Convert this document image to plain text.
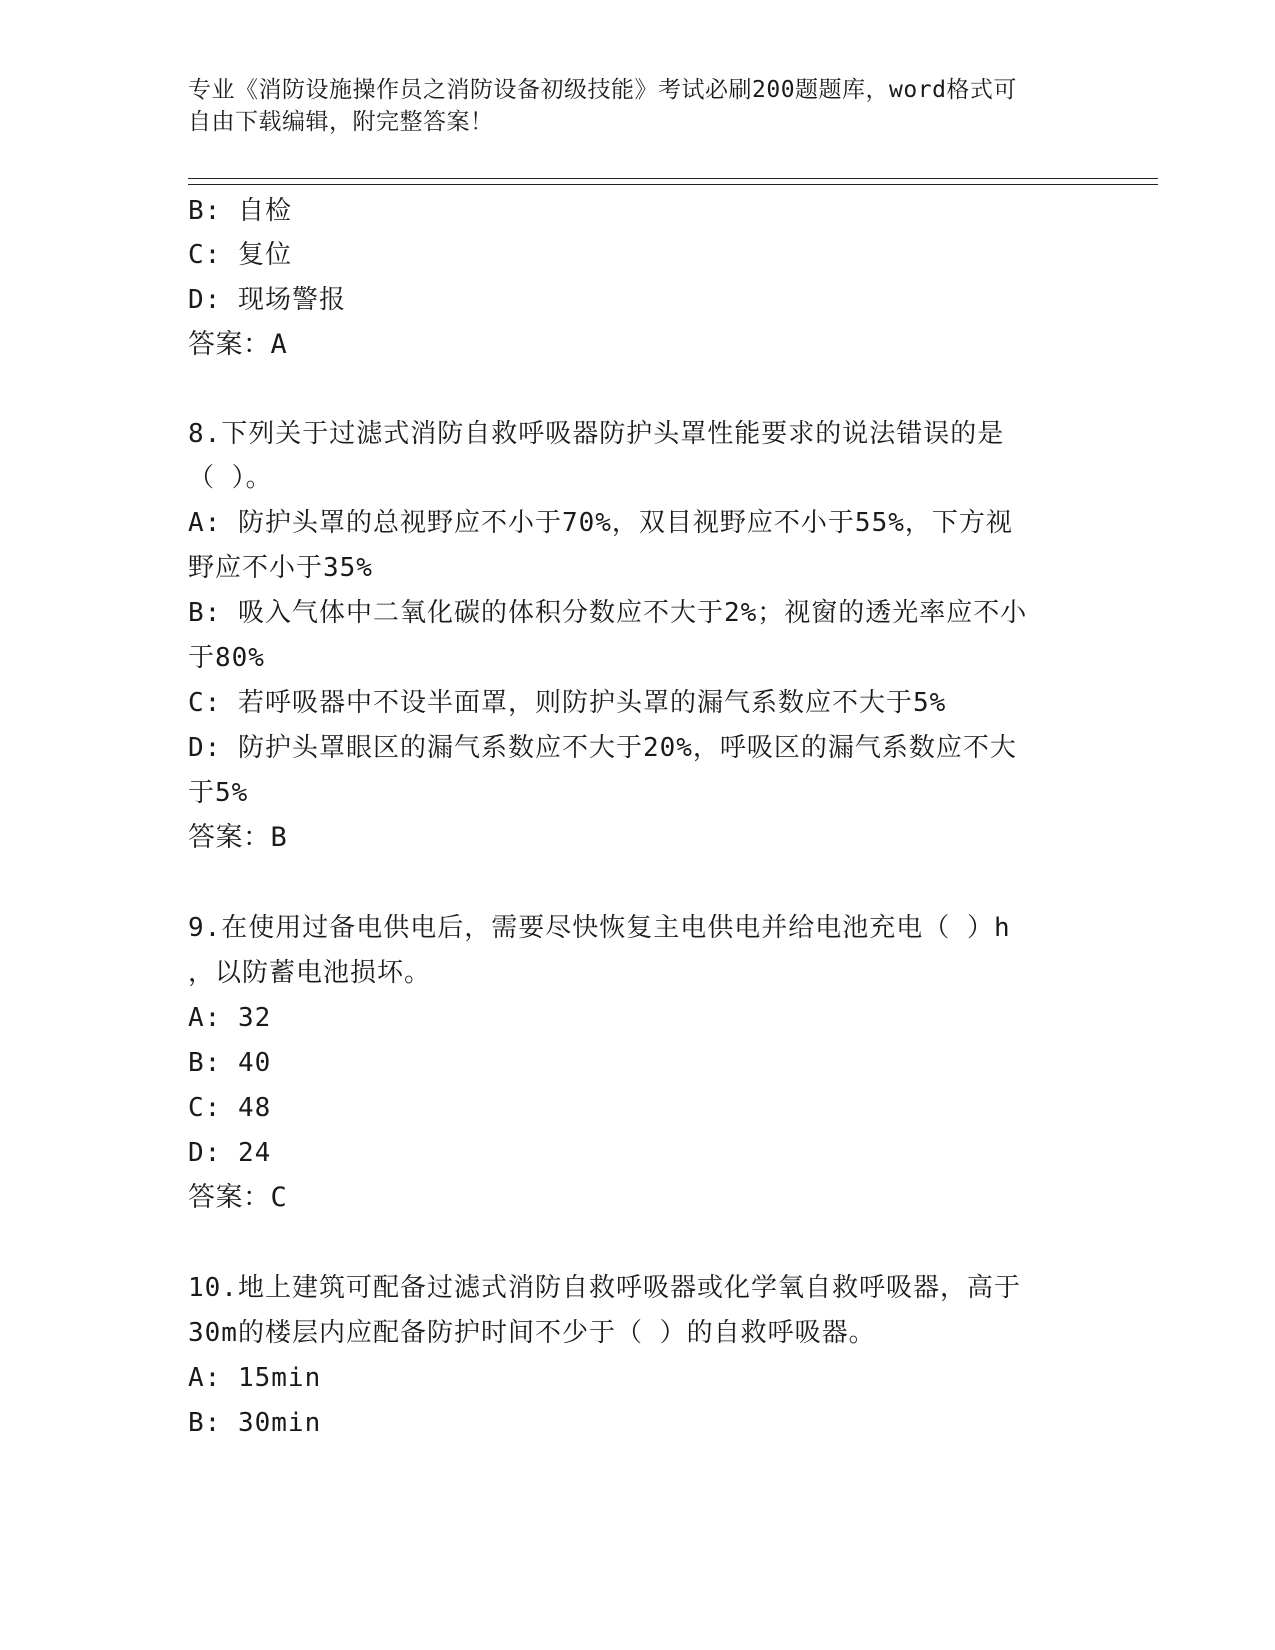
专业《消防设施操作员之消防设备初级技能》考试必刷200题题库，word格式可
自由下载编辑，附完整答案！
B: 自检
C: 复位
D: 现场警报
答案：A
8.下列关于过滤式消防自救呼吸器防护头罩性能要求的说法错误的是
（ ）。
A: 防护头罩的总视野应不小于70%，双目视野应不小于55%，下方视
野应不小于35%
B: 吸入气体中二氧化碳的体积分数应不大于2%；视窗的透光率应不小
于80%
C: 若呼吸器中不设半面罩，则防护头罩的漏气系数应不大于5%
D: 防护头罩眼区的漏气系数应不大于20%，呼吸区的漏气系数应不大
于5%
答案：B
9.在使用过备电供电后，需要尽快恢复主电供电并给电池充电（ ）h
，以防蓄电池损坏。
A: 32
B: 40
C: 48
D: 24
答案：C
10.地上建筑可配备过滤式消防自救呼吸器或化学氧自救呼吸器，高于
30m的楼层内应配备防护时间不少于（ ）的自救呼吸器。
A: 15min
B: 30min
